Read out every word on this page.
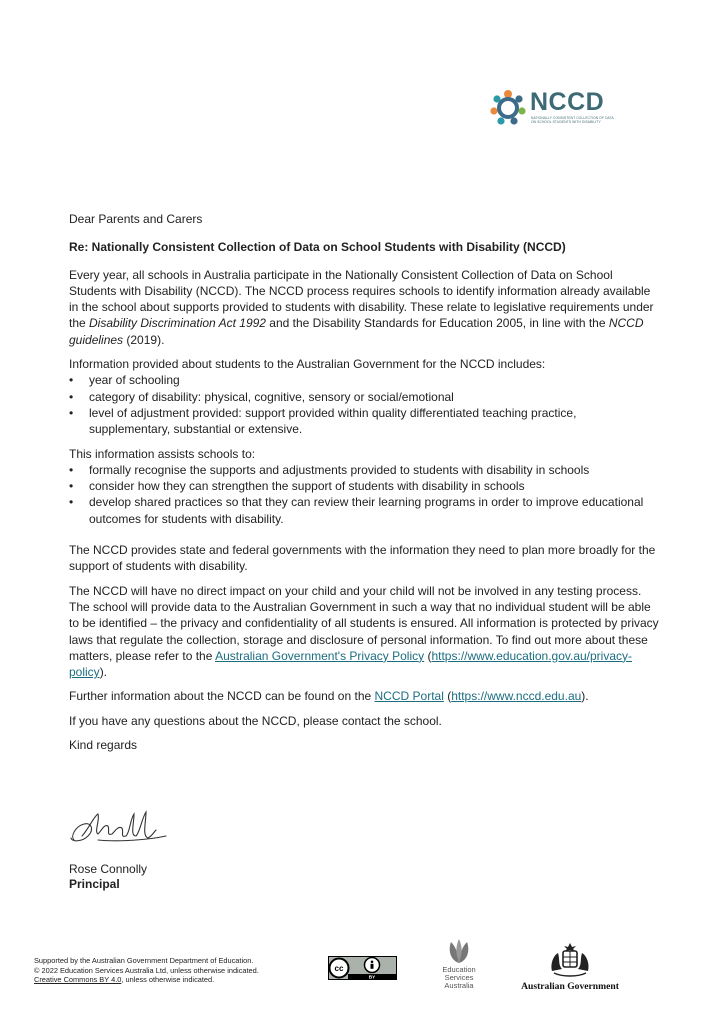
NCCD
NATIONALLY CONSISTENT COLLECTION OF DATA
ON SCHOOL STUDENTS WITH DISABILITY

Dear Parents and Carers

Re: Nationally Consistent Collection of Data on School Students with Disability (NCCD)

Every year, all schools in Australia participate in the Nationally Consistent Collection of Data on School Students with Disability (NCCD). The NCCD process requires schools to identify information already available in the school about supports provided to students with disability. These relate to legislative requirements under the Disability Discrimination Act 1992 and the Disability Standards for Education 2005, in line with the NCCD guidelines (2019).

Information provided about students to the Australian Government for the NCCD includes:

• year of schooling
• category of disability: physical, cognitive, sensory or social/emotional
• level of adjustment provided: support provided within quality differentiated teaching practice, supplementary, substantial or extensive.

This information assists schools to:

• formally recognise the supports and adjustments provided to students with disability in schools
• consider how they can strengthen the support of students with disability in schools
• develop shared practices so that they can review their learning programs in order to improve educational outcomes for students with disability.

The NCCD provides state and federal governments with the information they need to plan more broadly for the support of students with disability.

The NCCD will have no direct impact on your child and your child will not be involved in any testing process. The school will provide data to the Australian Government in such a way that no individual student will be able to be identified – the privacy and confidentiality of all students is ensured. All information is protected by privacy laws that regulate the collection, storage and disclosure of personal information. To find out more about these matters, please refer to the Australian Government's Privacy Policy (https://www.education.gov.au/privacy-policy).

Further information about the NCCD can be found on the NCCD Portal (https://www.nccd.edu.au).

If you have any questions about the NCCD, please contact the school.

Kind regards

Rose Connolly
Principal
Supported by the Australian Government Department of Education.
© 2022 Education Services Australia Ltd, unless otherwise indicated.
Creative Commons BY 4.0, unless otherwise indicated.
cc
BY
Education
Services
Australia	Australian Government
